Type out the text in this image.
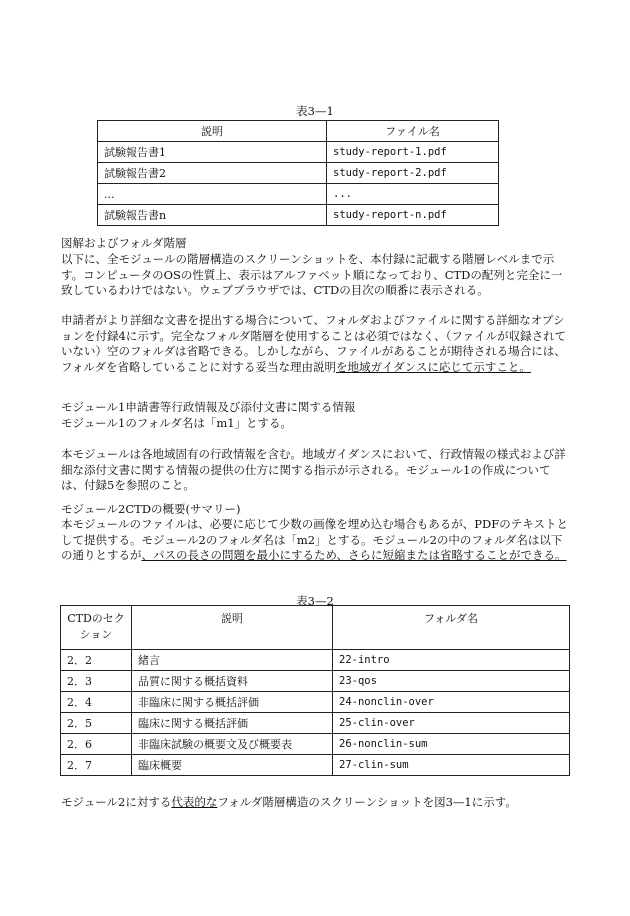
表3—1
説明	ファイル名
試験報告書1	study-report-1.pdf
試験報告書2	study-report-2.pdf
...	...
試験報告書n	study-report-n.pdf
図解およびフォルダ階層
以下に、全モジュールの階層構造のスクリーンショットを、本付録に記載する階層レベルまで示す。コンピュータのOSの性質上、表示はアルファベット順になっており、CTDの配列と完全に一致しているわけではない。ウェブブラウザでは、CTDの目次の順番に表示される。
申請者がより詳細な文書を提出する場合について、フォルダおよびファイルに関する詳細なオプションを付録4に示す。完全なフォルダ階層を使用することは必須ではなく、（ファイルが収録されていない）空のフォルダは省略できる。しかしながら、ファイルがあることが期待される場合には、フォルダを省略していることに対する妥当な理由説明を地域ガイダンスに応じて示すこと。
モジュール1申請書等行政情報及び添付文書に関する情報
モジュール1のフォルダ名は「m1」とする。
本モジュールは各地域固有の行政情報を含む。地域ガイダンスにおいて、行政情報の様式および詳細な添付文書に関する情報の提供の仕方に関する指示が示される。モジュール1の作成については、付録5を参照のこと。
モジュール2CTDの概要(サマリー)
本モジュールのファイルは、必要に応じて少数の画像を埋め込む場合もあるが、PDFのテキストとして提供する。モジュール2のフォルダ名は「m2」とする。モジュール2の中のフォルダ名は以下の通りとするが、パスの長さの問題を最小にするため、さらに短縮または省略することができる。
表3—2
CTDのセクション	説明	フォルダ名
2．2	緒言	22-intro
2．3	品質に関する概括資料	23-qos
2．4	非臨床に関する概括評価	24-nonclin-over
2．5	臨床に関する概括評価	25-clin-over
2．6	非臨床試験の概要文及び概要表	26-nonclin-sum
2．7	臨床概要	27-clin-sum
モジュール2に対する代表的なフォルダ階層構造のスクリーンショットを図3—1に示す。
